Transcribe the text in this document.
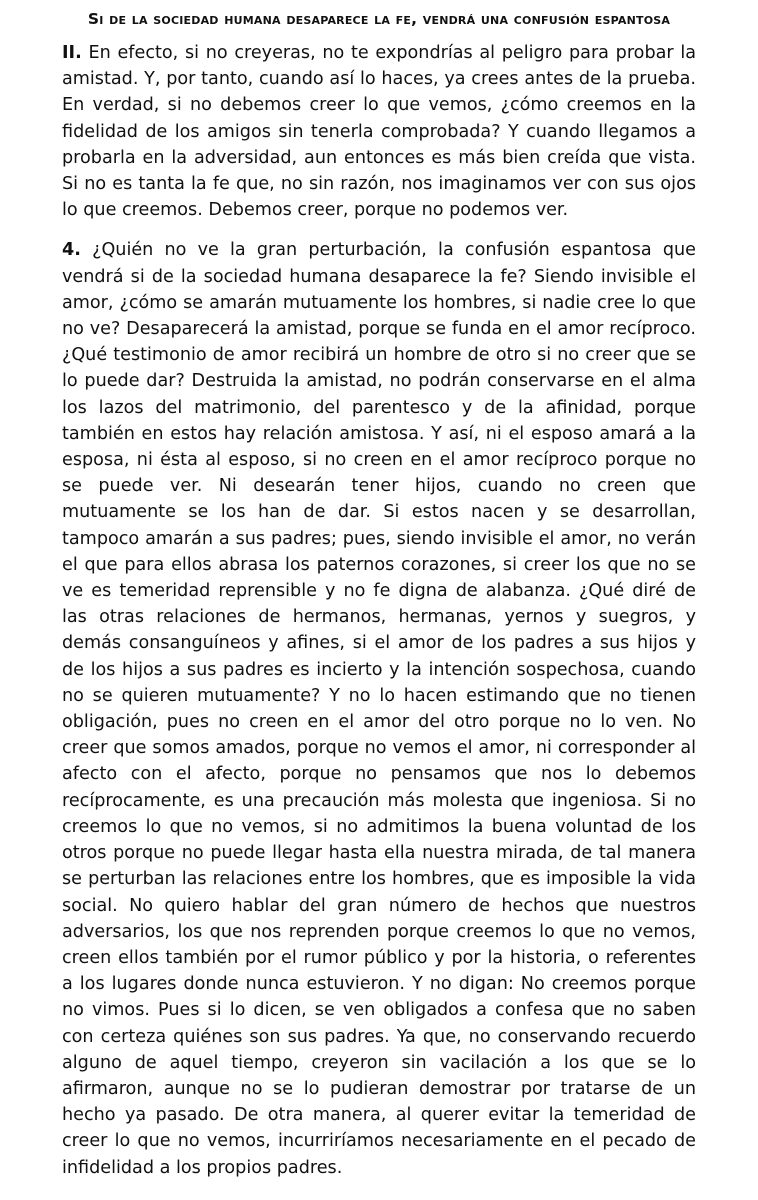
Si de la sociedad humana desaparece la fe, vendrá una confusión espantosa

II. En efecto, si no creyeras, no te expondrías al peligro para probar la amistad. Y, por tanto, cuando así lo haces, ya crees antes de la prueba. En verdad, si no debemos creer lo que vemos, ¿cómo creemos en la fidelidad de los amigos sin tenerla comprobada? Y cuando llegamos a probarla en la adversidad, aun entonces es más bien creída que vista. Si no es tanta la fe que, no sin razón, nos imaginamos ver con sus ojos lo que creemos. Debemos creer, porque no podemos ver.

4. ¿Quién no ve la gran perturbación, la confusión espantosa que vendrá si de la sociedad humana desaparece la fe? Siendo invisible el amor, ¿cómo se amarán mutuamente los hombres, si nadie cree lo que no ve? Desaparecerá la amistad, porque se funda en el amor recíproco. ¿Qué testimonio de amor recibirá un hombre de otro si no creer que se lo puede dar? Destruida la amistad, no podrán conservarse en el alma los lazos del matrimonio, del parentesco y de la afinidad, porque también en estos hay relación amistosa. Y así, ni el esposo amará a la esposa, ni ésta al esposo, si no creen en el amor recíproco porque no se puede ver. Ni desearán tener hijos, cuando no creen que mutuamente se los han de dar. Si estos nacen y se desarrollan, tampoco amarán a sus padres; pues, siendo invisible el amor, no verán el que para ellos abrasa los paternos corazones, si creer los que no se ve es temeridad reprensible y no fe digna de alabanza. ¿Qué diré de las otras relaciones de hermanos, hermanas, yernos y suegros, y demás consanguíneos y afines, si el amor de los padres a sus hijos y de los hijos a sus padres es incierto y la intención sospechosa, cuando no se quieren mutuamente? Y no lo hacen estimando que no tienen obligación, pues no creen en el amor del otro porque no lo ven. No creer que somos amados, porque no vemos el amor, ni corresponder al afecto con el afecto, porque no pensamos que nos lo debemos recíprocamente, es una precaución más molesta que ingeniosa. Si no creemos lo que no vemos, si no admitimos la buena voluntad de los otros porque no puede llegar hasta ella nuestra mirada, de tal manera se perturban las relaciones entre los hombres, que es imposible la vida social. No quiero hablar del gran número de hechos que nuestros adversarios, los que nos reprenden porque creemos lo que no vemos, creen ellos también por el rumor público y por la historia, o referentes a los lugares donde nunca estuvieron. Y no digan: No creemos porque no vimos. Pues si lo dicen, se ven obligados a confesa que no saben con certeza quiénes son sus padres. Ya que, no conservando recuerdo alguno de aquel tiempo, creyeron sin vacilación a los que se lo afirmaron, aunque no se lo pudieran demostrar por tratarse de un hecho ya pasado. De otra manera, al querer evitar la temeridad de creer lo que no vemos, incurriríamos necesariamente en el pecado de infidelidad a los propios padres.
